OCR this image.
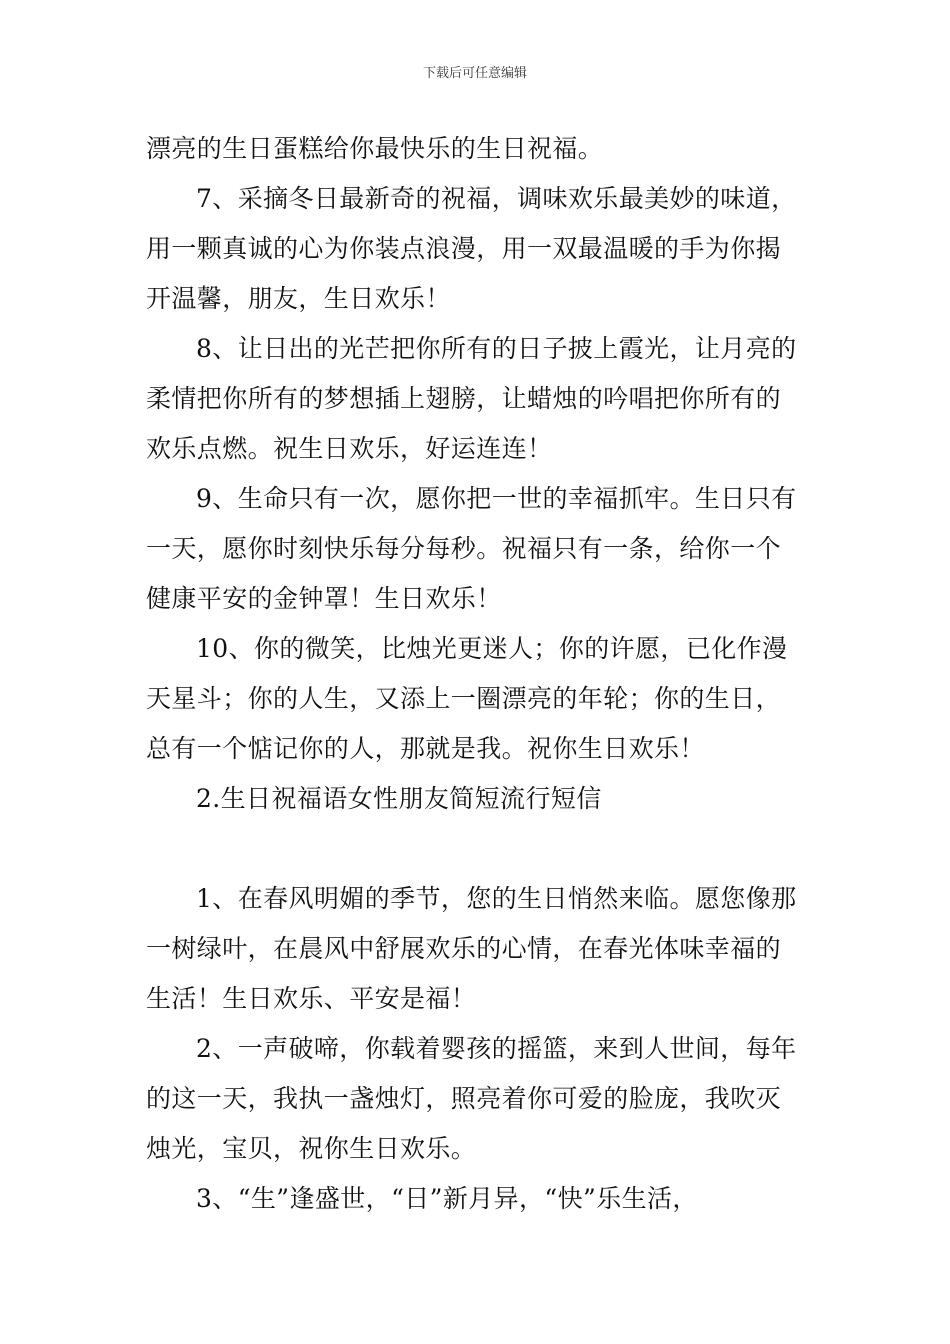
下载后可任意编辑
漂亮的生日蛋糕给你最快乐的生日祝福。
7、采摘冬日最新奇的祝福，调味欢乐最美妙的味道，
用一颗真诚的心为你装点浪漫，用一双最温暖的手为你揭
开温馨，朋友，生日欢乐！
8、让日出的光芒把你所有的日子披上霞光，让月亮的
柔情把你所有的梦想插上翅膀，让蜡烛的吟唱把你所有的
欢乐点燃。祝生日欢乐，好运连连！
9、生命只有一次，愿你把一世的幸福抓牢。生日只有
一天，愿你时刻快乐每分每秒。祝福只有一条，给你一个
健康平安的金钟罩！生日欢乐！
10、你的微笑，比烛光更迷人；你的许愿，已化作漫
天星斗；你的人生，又添上一圈漂亮的年轮；你的生日，
总有一个惦记你的人，那就是我。祝你生日欢乐！
2.生日祝福语女性朋友简短流行短信
1、在春风明媚的季节，您的生日悄然来临。愿您像那
一树绿叶，在晨风中舒展欢乐的心情，在春光体味幸福的
生活！生日欢乐、平安是福！
2、一声破啼，你载着婴孩的摇篮，来到人世间，每年
的这一天，我执一盏烛灯，照亮着你可爱的脸庞，我吹灭
烛光，宝贝，祝你生日欢乐。
3、“生”逢盛世，“日”新月异，“快”乐生活，
